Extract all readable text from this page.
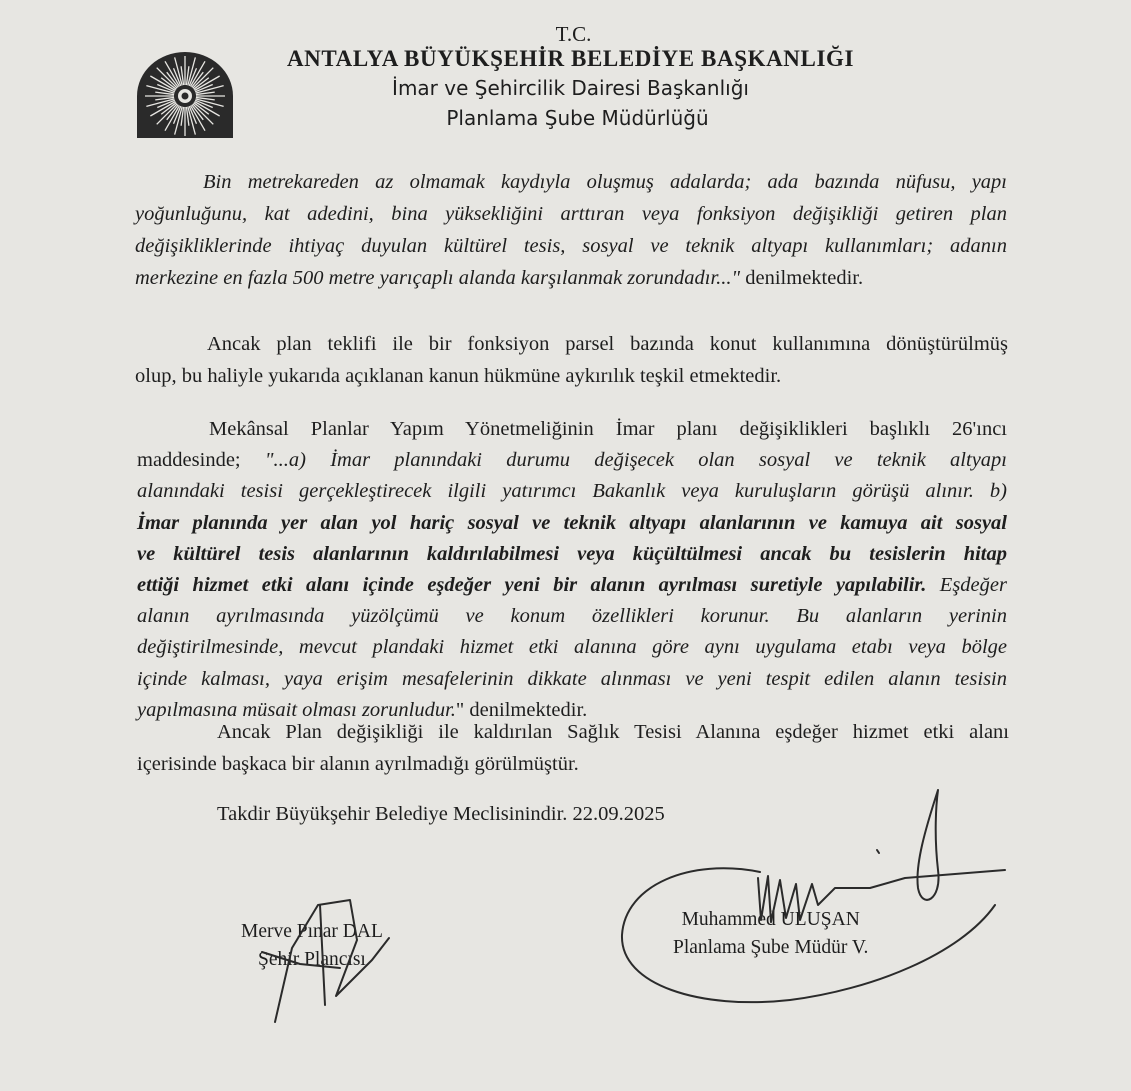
T.C.
ANTALYA BÜYÜKŞEHİR BELEDİYE BAŞKANLIĞI
İmar ve Şehircilik Dairesi Başkanlığı
Planlama Şube Müdürlüğü
Bin metrekareden az olmamak kaydıyla oluşmuş adalarda; ada bazında nüfusu, yapı
yoğunluğunu, kat adedini, bina yüksekliğini arttıran veya fonksiyon değişikliği getiren plan
değişikliklerinde ihtiyaç duyulan kültürel tesis, sosyal ve teknik altyapı kullanımları; adanın
merkezine en fazla 500 metre yarıçaplı alanda karşılanmak zorundadır..." denilmektedir.
Ancak plan teklifi ile bir fonksiyon parsel bazında konut kullanımına dönüştürülmüş
olup, bu haliyle yukarıda açıklanan kanun hükmüne aykırılık teşkil etmektedir.
Mekânsal Planlar Yapım Yönetmeliğinin İmar planı değişiklikleri başlıklı 26'ıncı
maddesinde; "...a) İmar planındaki durumu değişecek olan sosyal ve teknik altyapı
alanındaki tesisi gerçekleştirecek ilgili yatırımcı Bakanlık veya kuruluşların görüşü alınır. b)
İmar planında yer alan yol hariç sosyal ve teknik altyapı alanlarının ve kamuya ait sosyal
ve kültürel tesis alanlarının kaldırılabilmesi veya küçültülmesi ancak bu tesislerin hitap
ettiği hizmet etki alanı içinde eşdeğer yeni bir alanın ayrılması suretiyle yapılabilir. Eşdeğer
alanın ayrılmasında yüzölçümü ve konum özellikleri korunur. Bu alanların yerinin
değiştirilmesinde, mevcut plandaki hizmet etki alanına göre aynı uygulama etabı veya bölge
içinde kalması, yaya erişim mesafelerinin dikkate alınması ve yeni tespit edilen alanın tesisin
yapılmasına müsait olması zorunludur." denilmektedir.
Ancak Plan değişikliği ile kaldırılan Sağlık Tesisi Alanına eşdeğer hizmet etki alanı
içerisinde başkaca bir alanın ayrılmadığı görülmüştür.
Takdir Büyükşehir Belediye Meclisinindir. 22.09.2025
Merve Pınar DAL
Şehir Plancısı
Muhammed ULUŞAN
Planlama Şube Müdür V.
